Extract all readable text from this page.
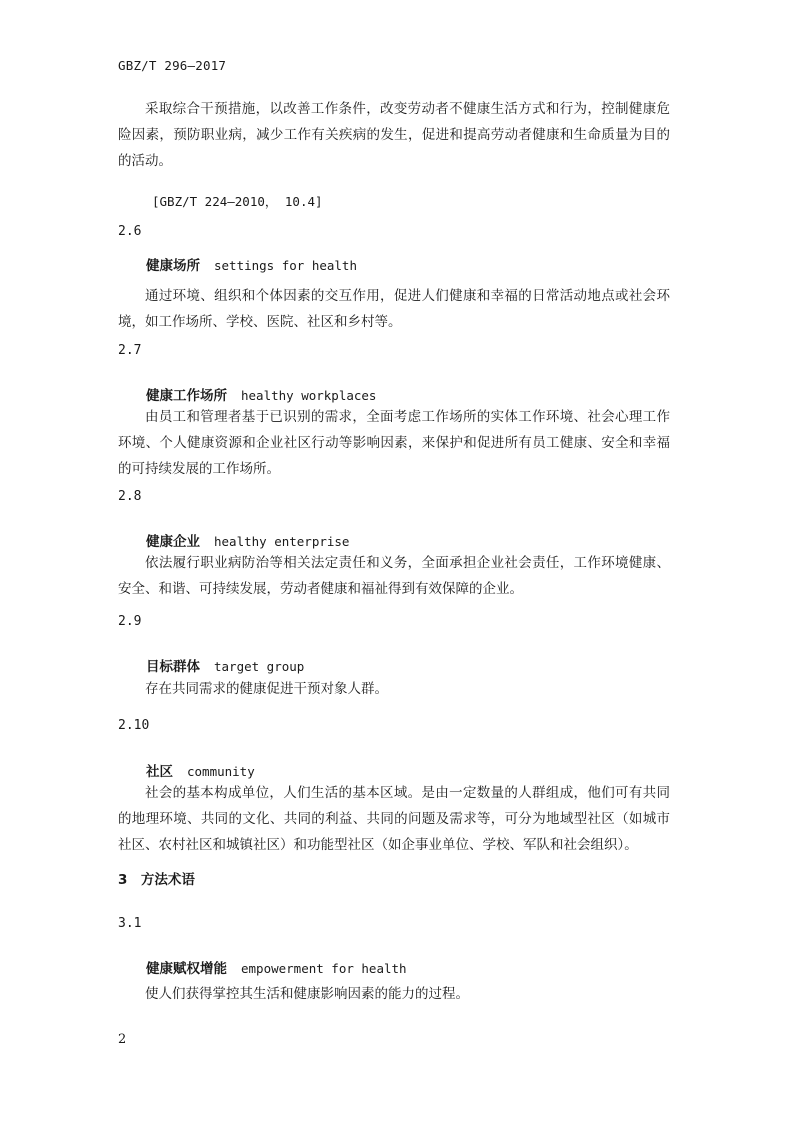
GBZ/T 296—2017
采取综合干预措施，以改善工作条件，改变劳动者不健康生活方式和行为，控制健康危险因素，预防职业病，减少工作有关疾病的发生，促进和提高劳动者健康和生命质量为目的的活动。
[GBZ/T 224—2010， 10.4]
2.6
健康场所 settings for health
通过环境、组织和个体因素的交互作用，促进人们健康和幸福的日常活动地点或社会环境，如工作场所、学校、医院、社区和乡村等。
2.7
健康工作场所 healthy workplaces
由员工和管理者基于已识别的需求，全面考虑工作场所的实体工作环境、社会心理工作环境、个人健康资源和企业社区行动等影响因素，来保护和促进所有员工健康、安全和幸福的可持续发展的工作场所。
2.8
健康企业 healthy enterprise
依法履行职业病防治等相关法定责任和义务，全面承担企业社会责任，工作环境健康、安全、和谐、可持续发展，劳动者健康和福祉得到有效保障的企业。
2.9
目标群体 target group
存在共同需求的健康促进干预对象人群。
2.10
社区 community
社会的基本构成单位，人们生活的基本区域。是由一定数量的人群组成，他们可有共同的地理环境、共同的文化、共同的利益、共同的问题及需求等，可分为地域型社区（如城市社区、农村社区和城镇社区）和功能型社区（如企事业单位、学校、军队和社会组织）。
3　方法术语
3.1
健康赋权增能 empowerment for health
使人们获得掌控其生活和健康影响因素的能力的过程。
2
